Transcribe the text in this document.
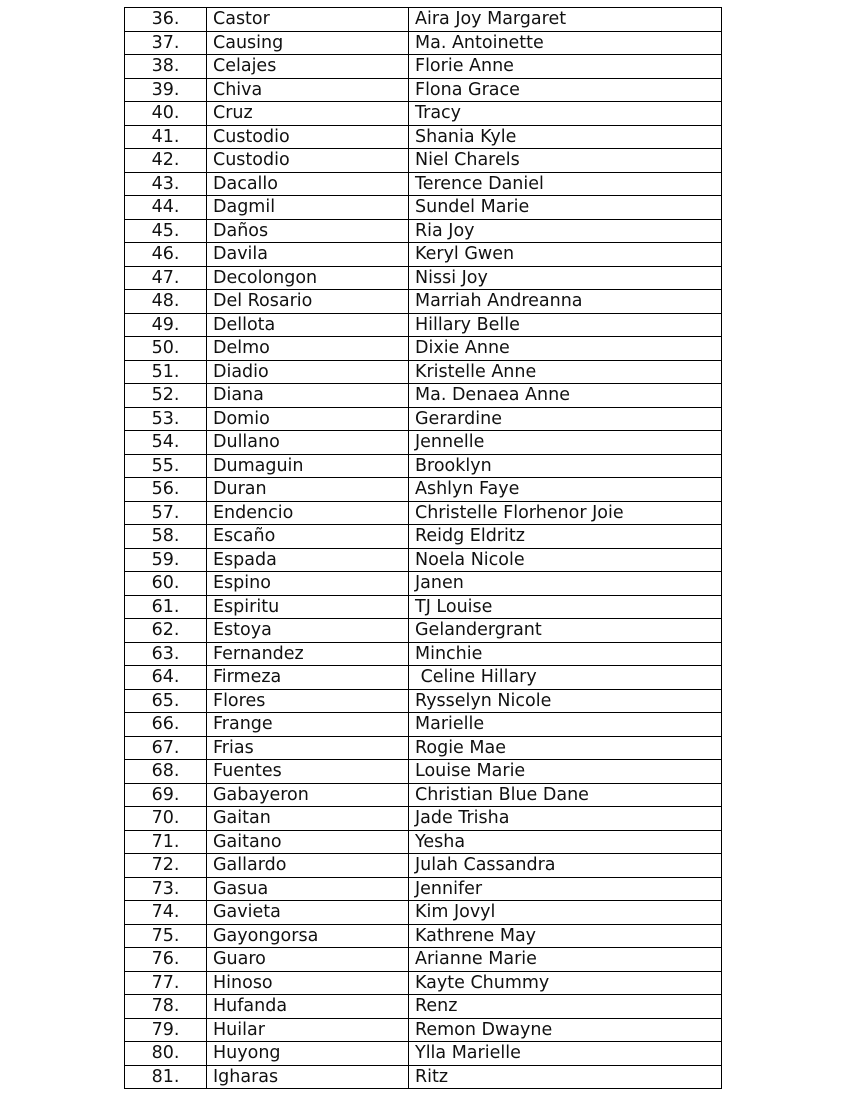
36.	Castor	Aira Joy Margaret
37.	Causing	Ma. Antoinette
38.	Celajes	Florie Anne
39.	Chiva	Flona Grace
40.	Cruz	Tracy
41.	Custodio	Shania Kyle
42.	Custodio	Niel Charels
43.	Dacallo	Terence Daniel
44.	Dagmil	Sundel Marie
45.	Daños	Ria Joy
46.	Davila	Keryl Gwen
47.	Decolongon	Nissi Joy
48.	Del Rosario	Marriah Andreanna
49.	Dellota	Hillary Belle
50.	Delmo	Dixie Anne
51.	Diadio	Kristelle Anne
52.	Diana	Ma. Denaea Anne
53.	Domio	Gerardine
54.	Dullano	Jennelle
55.	Dumaguin	Brooklyn
56.	Duran	Ashlyn Faye
57.	Endencio	Christelle Florhenor Joie
58.	Escaño	Reidg Eldritz
59.	Espada	Noela Nicole
60.	Espino	Janen
61.	Espiritu	TJ Louise
62.	Estoya	Gelandergrant
63.	Fernandez	Minchie
64.	Firmeza	Celine Hillary
65.	Flores	Rysselyn Nicole
66.	Frange	Marielle
67.	Frias	Rogie Mae
68.	Fuentes	Louise Marie
69.	Gabayeron	Christian Blue Dane
70.	Gaitan	Jade Trisha
71.	Gaitano	Yesha
72.	Gallardo	Julah Cassandra
73.	Gasua	Jennifer
74.	Gavieta	Kim Jovyl
75.	Gayongorsa	Kathrene May
76.	Guaro	Arianne Marie
77.	Hinoso	Kayte Chummy
78.	Hufanda	Renz
79.	Huilar	Remon Dwayne
80.	Huyong	Ylla Marielle
81.	Igharas	Ritz
